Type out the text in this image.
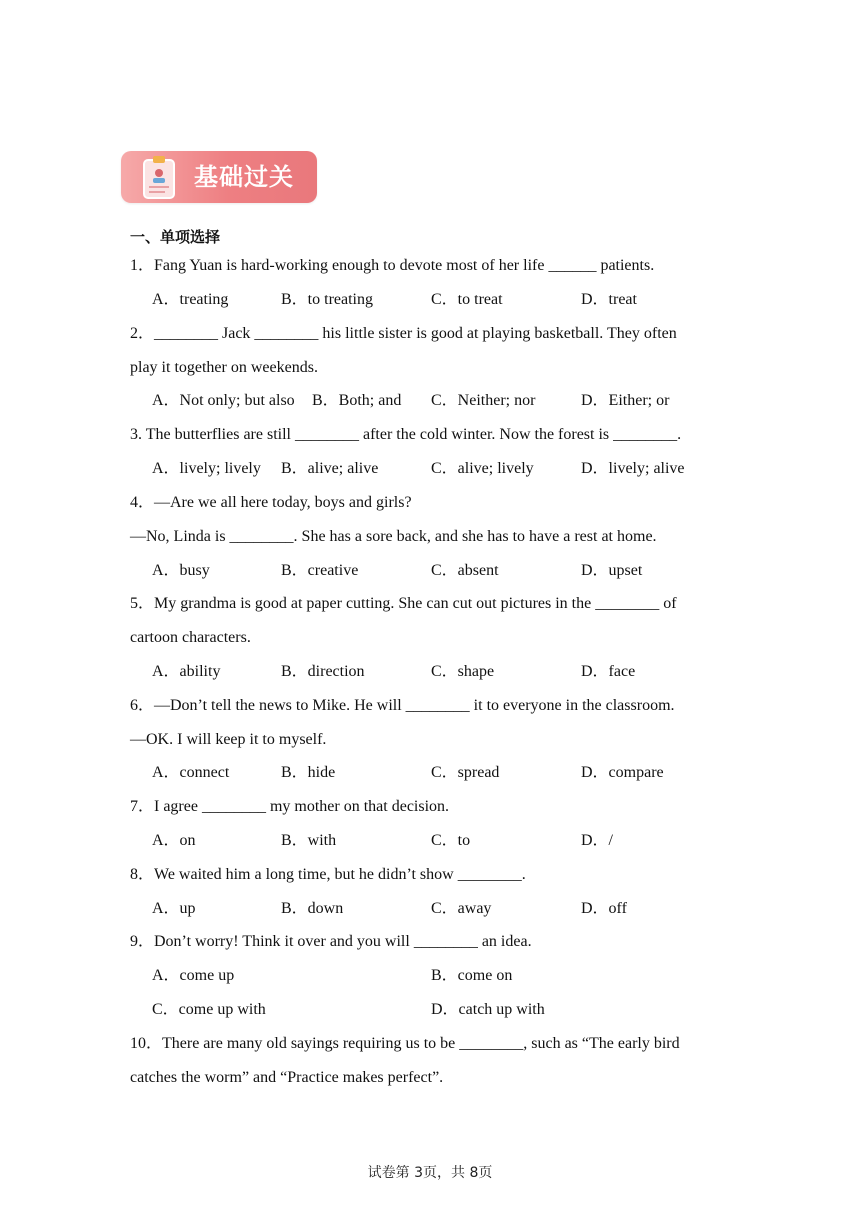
基础过关
一、单项选择
1．Fang Yuan is hard-working enough to devote most of her life ______ patients.
A．treating	B．to treating	C．to treat	D．treat
2．________ Jack ________ his little sister is good at playing basketball. They often
play it together on weekends.
A．Not only; but also B．Both; and C．Neither; nor	D．Either; or
3. The butterflies are still ________ after the cold winter. Now the forest is ________.
A．lively; lively B．alive; alive	C．alive; lively	D．lively; alive
4．—Are we all here today, boys and girls?
—No, Linda is ________. She has a sore back, and she has to have a rest at home.
A．busy	B．creative	C．absent	D．upset
5．My grandma is good at paper cutting. She can cut out pictures in the ________ of
cartoon characters.
A．ability	B．direction	C．shape	D．face
6．—Don’t tell the news to Mike. He will ________ it to everyone in the classroom.
—OK. I will keep it to myself.
A．connect	B．hide	C．spread	D．compare
7．I agree ________ my mother on that decision.
A．on	B．with	C．to	D．/
8．We waited him a long time, but he didn’t show ________.
A．up	B．down	C．away	D．off
9．Don’t worry! Think it over and you will ________ an idea.
A．come up	B．come on
C．come up with	D．catch up with
10．There are many old sayings requiring us to be ________, such as “The early bird
catches the worm” and “Practice makes perfect”.
试卷第 3页，共 8页
